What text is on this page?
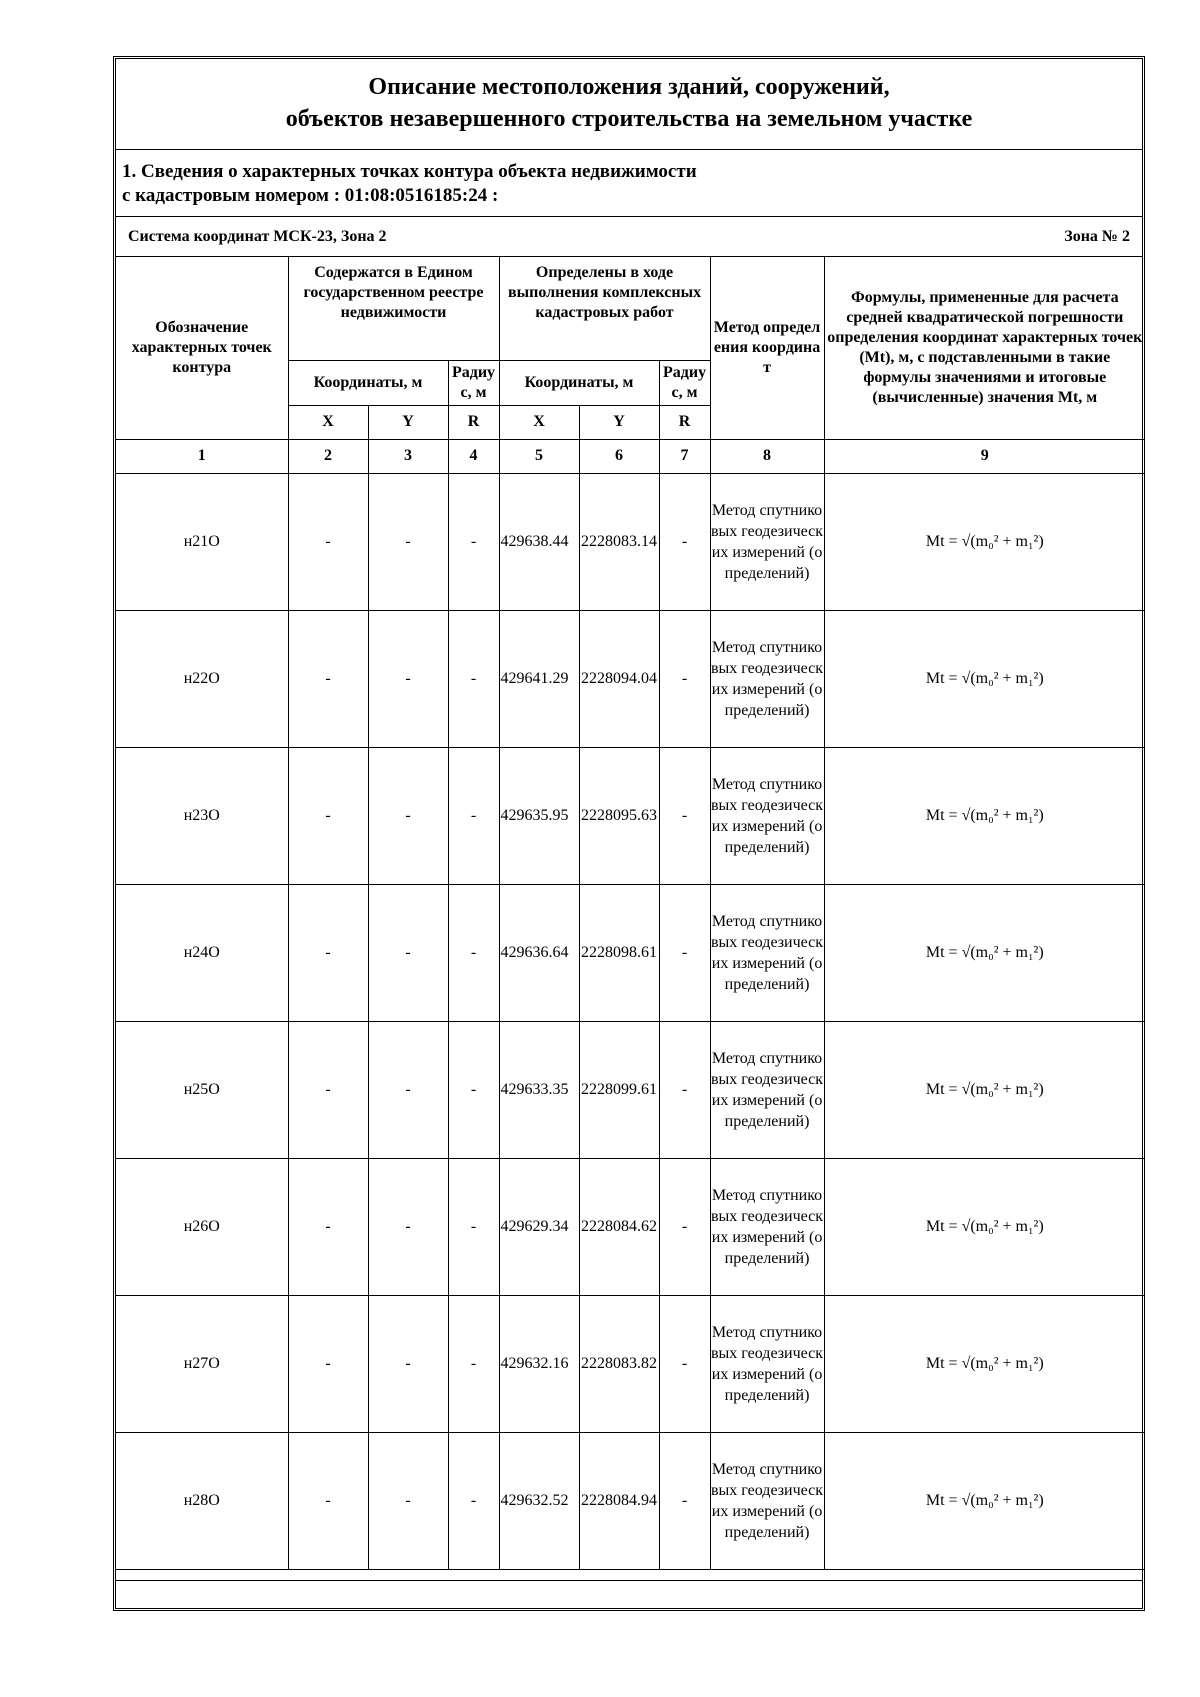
Описание местоположения зданий, сооружений,
объектов незавершенного строительства на земельном участке
1. Сведения о характерных точках контура объекта недвижимости
с кадастровым номером : 01:08:0516185:24 :
Система координат МСК-23, Зона 2	Зона № 2
Обозначение характерных точек контура	Содержатся в Едином государственном реестре недвижимости			Определены в ходе выполнения комплексных кадастровых работ			Метод определения координат	Формулы, примененные для расчета средней квадратической погрешности определения координат характерных точек (Mt), м, с подставленными в такие формулы значениями и итоговые (вычисленные) значения Mt, м
	Координаты, м		Радиус, м	Координаты, м		Радиус, м		

	X	Y	R	X	Y	R		
1	2	3	4	5	6	7	8	9
н21О	-	-	-	429638.44	2228083.14	-	Метод спутниковых геодезических измерений (определений)	Mt = √(m₀² + m₁²)
н22О	-	-	-	429641.29	2228094.04	-	Метод спутниковых геодезических измерений (определений)	Mt = √(m₀² + m₁²)
н23О	-	-	-	429635.95	2228095.63	-	Метод спутниковых геодезических измерений (определений)	Mt = √(m₀² + m₁²)
н24О	-	-	-	429636.64	2228098.61	-	Метод спутниковых геодезических измерений (определений)	Mt = √(m₀² + m₁²)
н25О	-	-	-	429633.35	2228099.61	-	Метод спутниковых геодезических измерений (определений)	Mt = √(m₀² + m₁²)
н26О	-	-	-	429629.34	2228084.62	-	Метод спутниковых геодезических измерений (определений)	Mt = √(m₀² + m₁²)
н27О	-	-	-	429632.16	2228083.82	-	Метод спутниковых геодезических измерений (определений)	Mt = √(m₀² + m₁²)
н28О	-	-	-	429632.52	2228084.94	-	Метод спутниковых геодезических измерений (определений)	Mt = √(m₀² + m₁²)
